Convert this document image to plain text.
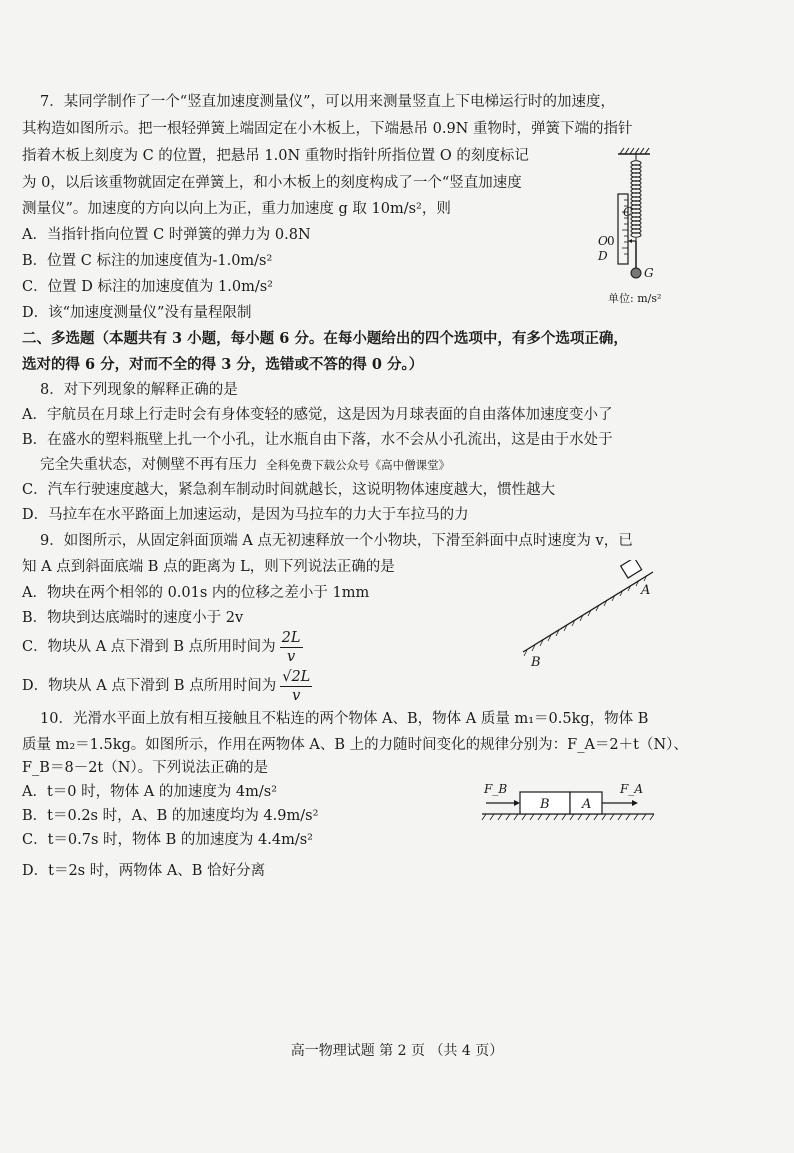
7．某同学制作了一个“竖直加速度测量仪”，可以用来测量竖直上下电梯运行时的加速度，
其构造如图所示。把一根轻弹簧上端固定在小木板上，下端悬吊 0.9N 重物时，弹簧下端的指针
指着木板上刻度为 C 的位置，把悬吊 1.0N 重物时指针所指位置 O 的刻度标记
为 0，以后该重物就固定在弹簧上，和小木板上的刻度构成了一个“竖直加速度
测量仪”。加速度的方向以向上为正，重力加速度 g 取 10m/s²，则
A．当指针指向位置 C 时弹簧的弹力为 0.8N
B．位置 C 标注的加速度值为-1.0m/s²
C．位置 D 标注的加速度值为 1.0m/s²
D．该“加速度测量仪”没有量程限制
C
O 0
D
G
单位: m/s²
二、多选题（本题共有 3 小题，每小题 6 分。在每小题给出的四个选项中，有多个选项正确，
选对的得 6 分，对而不全的得 3 分，选错或不答的得 0 分。）
8．对下列现象的解释正确的是
A．宇航员在月球上行走时会有身体变轻的感觉，这是因为月球表面的自由落体加速度变小了
B．在盛水的塑料瓶壁上扎一个小孔，让水瓶自由下落，水不会从小孔流出，这是由于水处于
完全失重状态，对侧壁不再有压力 全科免费下载公众号《高中僧课堂》
C．汽车行驶速度越大，紧急刹车制动时间就越长，这说明物体速度越大，惯性越大
D．马拉车在水平路面上加速运动，是因为马拉车的力大于车拉马的力
9．如图所示，从固定斜面顶端 A 点无初速释放一个小物块，下滑至斜面中点时速度为 v，已
知 A 点到斜面底端 B 点的距离为 L，则下列说法正确的是
A．物块在两个相邻的 0.01s 内的位移之差小于 1mm
B．物块到达底端时的速度小于 2v
C．物块从 A 点下滑到 B 点所用时间为 $\frac{2L}{v}$
D．物块从 A 点下滑到 B 点所用时间为 $\frac{√2L}{v}$
A
B
10．光滑水平面上放有相互接触且不粘连的两个物体 A、B，物体 A 质量 m₁＝0.5kg，物体 B
质量 m₂＝1.5kg。如图所示，作用在两物体 A、B 上的力随时间变化的规律分别为：F_A＝2＋t（N）、
F_B＝8－2t（N）。下列说法正确的是
A．t＝0 时，物体 A 的加速度为 4m/s²
B．t＝0.2s 时，A、B 的加速度均为 4.9m/s²
C．t＝0.7s 时，物体 B 的加速度为 4.4m/s²
D．t＝2s 时，两物体 A、B 恰好分离
B A
F_B	F_A
高一物理试题 第 2 页 （共 4 页）
